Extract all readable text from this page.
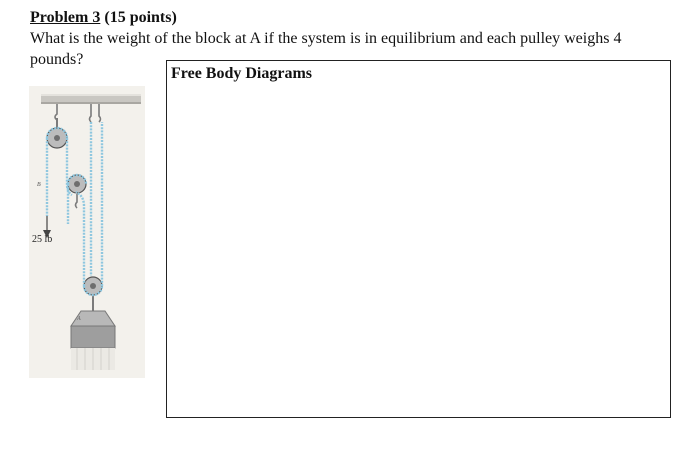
Problem 3 (15 points)
What is the weight of the block at A if the system is in equilibrium and each pulley weighs 4 pounds?
Free Body Diagrams
B
25 lb
A
